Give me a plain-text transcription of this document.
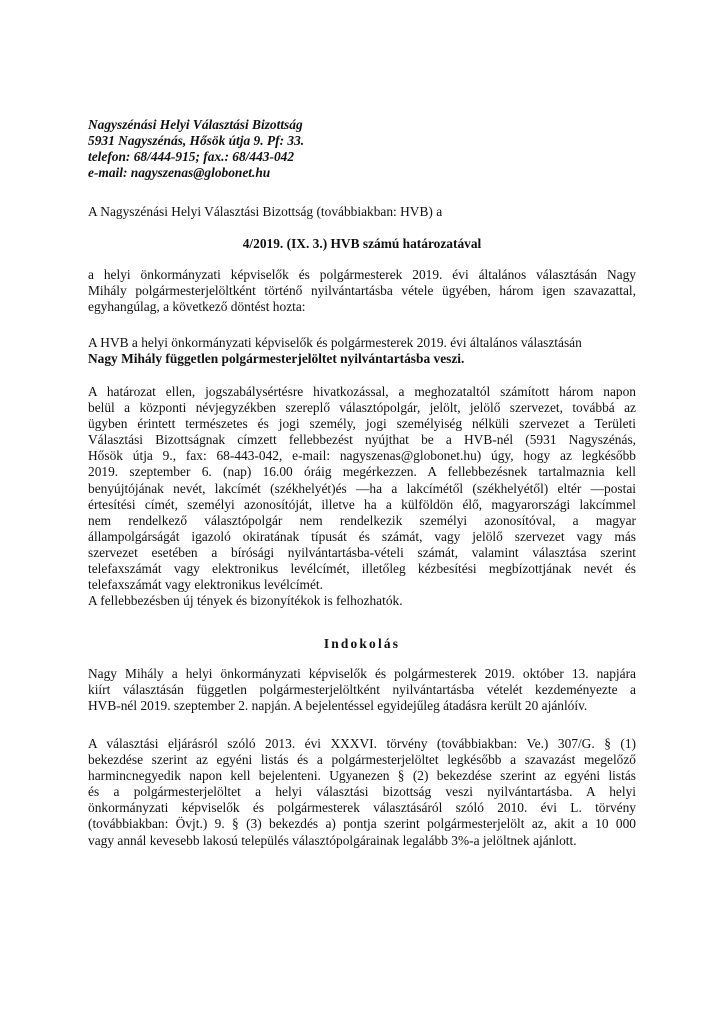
Nagyszénási Helyi Választási Bizottság
5931 Nagyszénás, Hősök útja 9. Pf: 33.
telefon: 68/444-915; fax.: 68/443-042
e-mail: nagyszenas@globonet.hu
A Nagyszénási Helyi Választási Bizottság (továbbiakban: HVB) a
4/2019. (IX. 3.) HVB számú határozatával
a helyi önkormányzati képviselők és polgármesterek 2019. évi általános választásán Nagy
Mihály polgármesterjelöltként történő nyilvántartásba vétele ügyében, három igen szavazattal,
egyhangúlag, a következő döntést hozta:
A HVB a helyi önkormányzati képviselők és polgármesterek 2019. évi általános választásán
Nagy Mihály független polgármesterjelöltet nyilvántartásba veszi.
A határozat ellen, jogszabálysértésre hivatkozással, a meghozataltól számított három napon
belül a központi névjegyzékben szereplő választópolgár, jelölt, jelölő szervezet, továbbá az
ügyben érintett természetes és jogi személy, jogi személyiség nélküli szervezet a Területi
Választási Bizottságnak címzett fellebbezést nyújthat be a HVB-nél (5931 Nagyszénás,
Hősök útja 9., fax: 68-443-042, e-mail: nagyszenas@globonet.hu) úgy, hogy az legkésőbb
2019. szeptember 6. (nap) 16.00 óráig megérkezzen. A fellebbezésnek tartalmaznia kell
benyújtójának nevét, lakcímét (székhelyét)és —ha a lakcímétől (székhelyétől) eltér —postai
értesítési címét, személyi azonosítóját, illetve ha a külföldön élő, magyarországi lakcímmel
nem rendelkező választópolgár nem rendelkezik személyi azonosítóval, a magyar
állampolgárságát igazoló okiratának típusát és számát, vagy jelölő szervezet vagy más
szervezet esetében a bírósági nyilvántartásba-vételi számát, valamint választása szerint
telefaxszámát vagy elektronikus levélcímét, illetőleg kézbesítési megbízottjának nevét és
telefaxszámát vagy elektronikus levélcímét.
A fellebbezésben új tények és bizonyítékok is felhozhatók.
Indokolás
Nagy Mihály a helyi önkormányzati képviselők és polgármesterek 2019. október 13. napjára
kiírt választásán független polgármesterjelöltként nyilvántartásba vételét kezdeményezte a
HVB-nél 2019. szeptember 2. napján. A bejelentéssel egyidejűleg átadásra került 20 ajánlóív.
A választási eljárásról szóló 2013. évi XXXVI. törvény (továbbiakban: Ve.) 307/G. § (1)
bekezdése szerint az egyéni listás és a polgármesterjelöltet legkésőbb a szavazást megelőző
harmincnegyedik napon kell bejelenteni. Ugyanezen § (2) bekezdése szerint az egyéni listás
és a polgármesterjelöltet a helyi választási bizottság veszi nyilvántartásba. A helyi
önkormányzati képviselők és polgármesterek választásáról szóló 2010. évi L. törvény
(továbbiakban: Övjt.) 9. § (3) bekezdés a) pontja szerint polgármesterjelölt az, akit a 10 000
vagy annál kevesebb lakosú település választópolgárainak legalább 3%-a jelöltnek ajánlott.
